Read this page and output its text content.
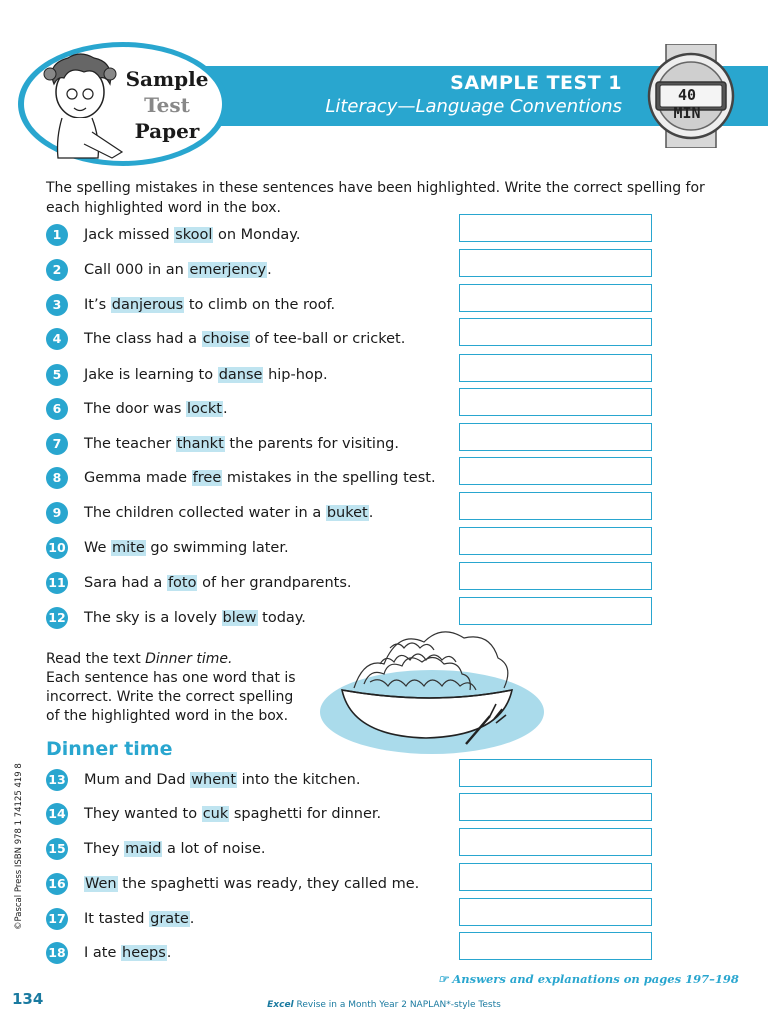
SAMPLE TEST 1
Literacy—Language Conventions
Sample
Test
Paper
40 MIN
The spelling mistakes in these sentences have been highlighted. Write the correct spelling for each highlighted word in the box.
1	Jack missed skool on Monday.
2	Call 000 in an emerjency.
3	It’s danjerous to climb on the roof.
4	The class had a choise of tee-ball or cricket.
5	Jake is learning to danse hip-hop.
6	The door was lockt.
7	The teacher thankt the parents for visiting.
8	Gemma made free mistakes in the spelling test.
9	The children collected water in a buket.
10 We mite go swimming later.
11 Sara had a foto of her grandparents.
12 The sky is a lovely blew today.
Read the text Dinner time.
Each sentence has one word that is incorrect. Write the correct spelling of the highlighted word in the box.
Dinner time
13 Mum and Dad whent into the kitchen.
14 They wanted to cuk spaghetti for dinner.
15 They maid a lot of noise.
16 Wen the spaghetti was ready, they called me.
17 It tasted grate.
18 I ate heeps.
©Pascal Press ISBN 978 1 74125 419 8
134
☞ Answers and explanations on pages 197–198
Excel Revise in a Month Year 2 NAPLAN*-style Tests
